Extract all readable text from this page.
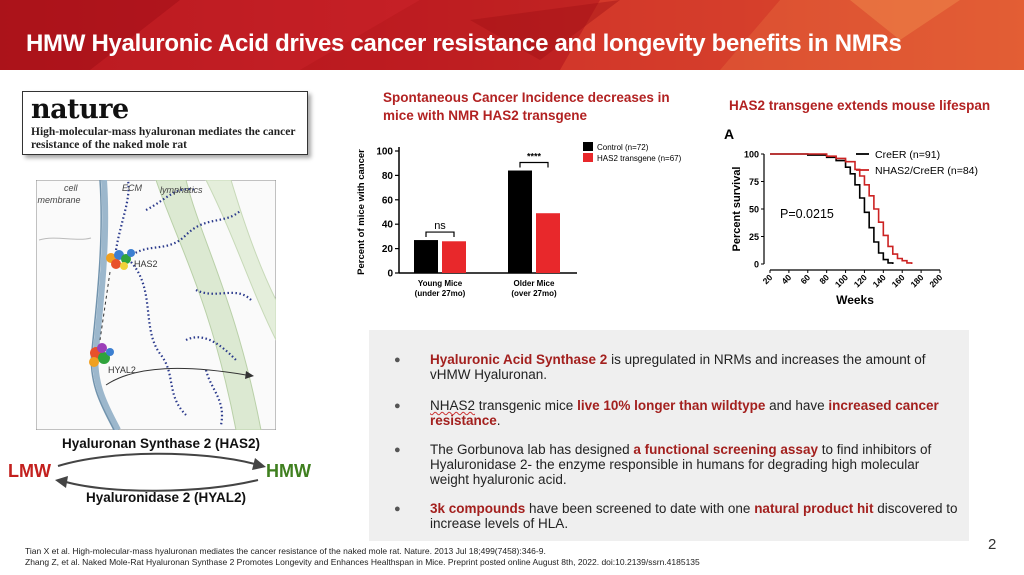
HMW Hyaluronic Acid drives cancer resistance and longevity benefits in NMRs
nature
High-molecular-mass hyaluronan mediates the cancer resistance of the naked mole rat
cell membrane
ECM lymphatics
HAS2
HYAL2
Hyaluronan Synthase 2 (HAS2)
LMW	HMW
Hyaluronidase 2 (HYAL2)
Spontaneous Cancer Incidence decreases in mice with NMR HAS2 transgene
Percent of mice with cancer 0
20
40
60
80
100
Young Mice
(under 27mo)
ns
Older Mice
(over 27mo)
****
Control (n=72)
HAS2 transgene (n=67)
HAS2 transgene extends mouse lifespan
A
Percent survival
Weeks
0
25
50
75
100
20 40 60 80 100 120 140 160 180 200
CreER (n=91)
NHAS2/CreER (n=84)
P=0.0215
● Hyaluronic Acid Synthase 2 is upregulated in NRMs and increases the amount of vHMW Hyaluronan.
● NHAS2 transgenic mice live 10% longer than wildtype and have increased cancer resistance.
● The Gorbunova lab has designed a functional screening assay to find inhibitors of Hyaluronidase 2- the enzyme responsible in humans for degrading high molecular weight hyaluronic acid.
● 3k compounds have been screened to date with one natural product hit discovered to increase levels of HLA.
2
Tian X et al. High-molecular-mass hyaluronan mediates the cancer resistance of the naked mole rat. Nature. 2013 Jul 18;499(7458):346-9.
Zhang Z, et al. Naked Mole-Rat Hyaluronan Synthase 2 Promotes Longevity and Enhances Healthspan in Mice. Preprint posted online August 8th, 2022. doi:10.2139/ssrn.4185135
